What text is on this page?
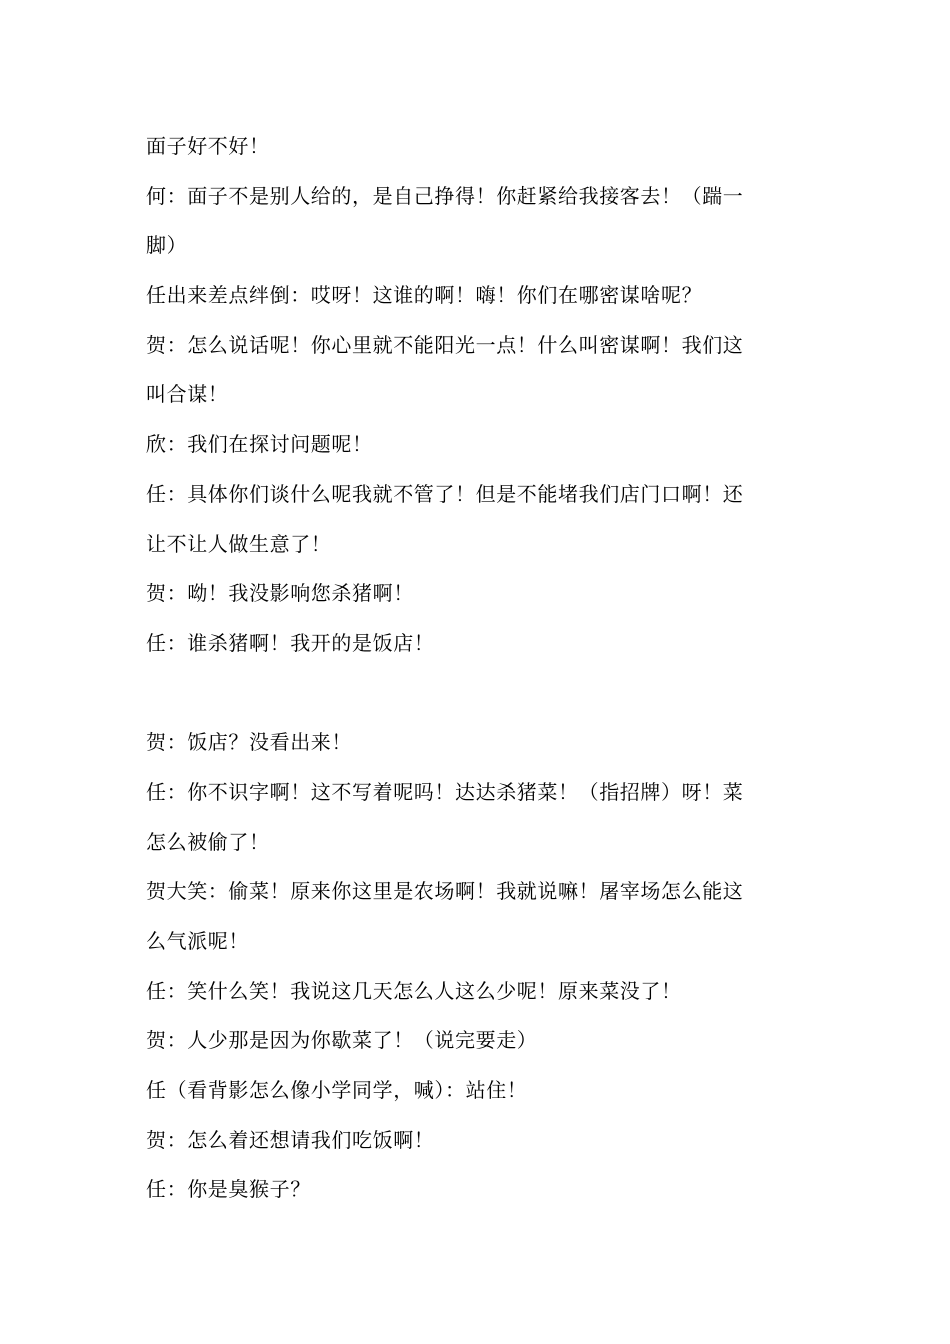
面子好不好！
何：面子不是别人给的，是自己挣得！你赶紧给我接客去！（踹一
脚）
任出来差点绊倒：哎呀！这谁的啊！嗨！你们在哪密谋啥呢？
贺：怎么说话呢！你心里就不能阳光一点！什么叫密谋啊！我们这
叫合谋！
欣：我们在探讨问题呢！
任：具体你们谈什么呢我就不管了！但是不能堵我们店门口啊！还
让不让人做生意了！
贺：呦！我没影响您杀猪啊！
任：谁杀猪啊！我开的是饭店！
贺：饭店？没看出来！
任：你不识字啊！这不写着呢吗！达达杀猪菜！（指招牌）呀！菜
怎么被偷了！
贺大笑：偷菜！原来你这里是农场啊！我就说嘛！屠宰场怎么能这
么气派呢！
任：笑什么笑！我说这几天怎么人这么少呢！原来菜没了！
贺：人少那是因为你歇菜了！（说完要走）
任（看背影怎么像小学同学，喊）：站住！
贺：怎么着还想请我们吃饭啊！
任：你是臭猴子？
